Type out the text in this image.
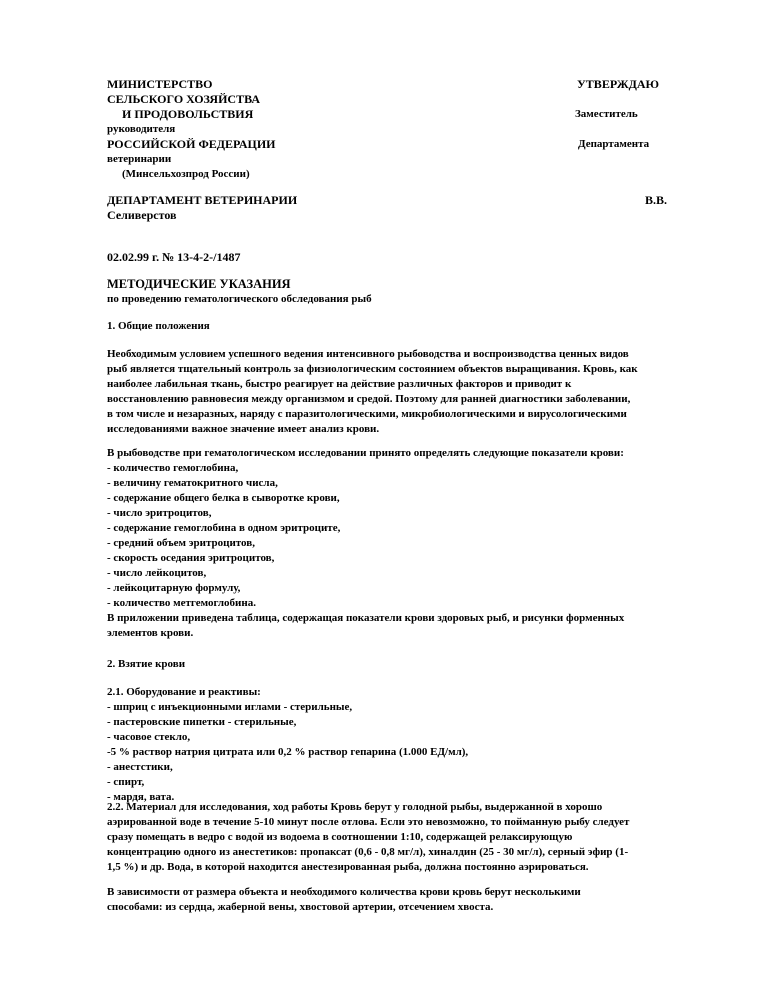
МИНИСТЕРСТВО
СЕЛЬСКОГО ХОЗЯЙСТВА
И ПРОДОВОЛЬСТВИЯ
руководителя
РОССИЙСКОЙ ФЕДЕРАЦИИ
ветеринарии
(Минсельхозпрод России)
УТВЕРЖДАЮ
Заместитель
Департамента
ДЕПАРТАМЕНТ ВЕТЕРИНАРИИ	В.В.
Селиверстов
02.02.99 г. № 13-4-2-/1487
МЕТОДИЧЕСКИЕ УКАЗАНИЯ
по проведению гематологического обследования рыб
1. Общие положения
Необходимым условием успешного ведения интенсивного рыбоводства и воспроизводства ценных видов
рыб является тщательный контроль за физиологическим состоянием объектов выращивания. Кровь, как
наиболее лабильная ткань, быстро реагирует на действие различных факторов и приводит к
восстановлению равновесия между организмом и средой. Поэтому для ранней диагностики заболевании,
в том числе и незаразных, наряду с паразитологическими, микробиологическими и вирусологическими
исследованиями важное значение имеет анализ крови.
В рыбоводстве при гематологическом исследовании принято определять следующие показатели крови:
- количество гемоглобина,
- величину гематокритного числа,
- содержание общего белка в сыворотке крови,
- число эритроцитов,
- содержание гемоглобина в одном эритроците,
- средний объем эритроцитов,
- скорость оседания эритроцитов,
- число лейкоцитов,
- лейкоцитарную формулу,
- количество метгемоглобина.
В приложении приведена таблица, содержащая показатели крови здоровых рыб, и рисунки форменных
элементов крови.
2. Взятие крови
2.1. Оборудование и реактивы:
- шприц с инъекционными иглами - стерильные,
- пастеровские пипетки - стерильные,
- часовое стекло,
-5 % раствор натрия цитрата или 0,2 % раствор гепарина (1.000 ЕД/мл),
- анестстики,
- спирт,
- мардя, вата.
2.2. Материал для исследования, ход работы Кровь берут у голодной рыбы, выдержанной в хорошо
аэрированной воде в течение 5-10 минут после отлова. Если это невозможно, то пойманную рыбу следует
сразу помещать в ведро с водой из водоема в соотношении 1:10, содержащей релаксирующую
концентрацию одного из анестетиков: пропаксат (0,6 - 0,8 мг/л), хиналдин (25 - 30 мг/л), серный эфир (1-
1,5 %) и др. Вода, в которой находится анестезированная рыба, должна постоянно аэрироваться.
В зависимости от размера объекта и необходимого количества крови кровь берут несколькими
способами: из сердца, жаберной вены, хвостовой артерии, отсечением хвоста.
